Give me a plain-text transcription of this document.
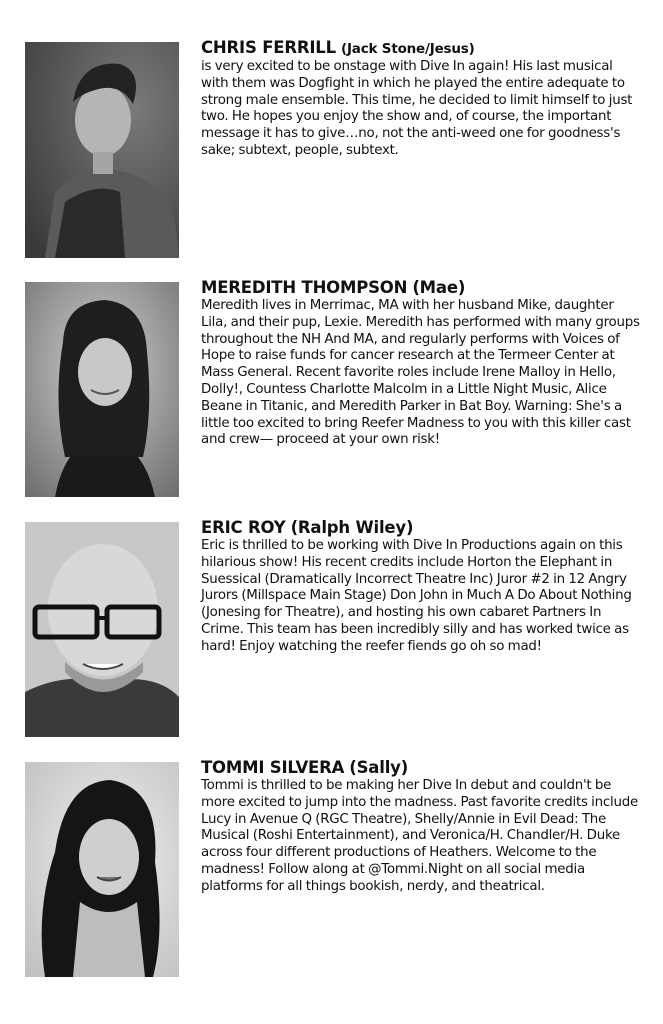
CHRIS FERRILL (Jack Stone/Jesus)

is very excited to be onstage with Dive In again! His last musical with them was Dogfight in which he played the entire adequate to strong male ensemble. This time, he decided to limit himself to just two. He hopes you enjoy the show and, of course, the important message it has to give…no, not the anti-weed one for goodness's sake; subtext, people, subtext.

MEREDITH THOMPSON (Mae)

Meredith lives in Merrimac, MA with her husband Mike, daughter Lila, and their pup, Lexie. Meredith has performed with many groups throughout the NH And MA, and regularly performs with Voices of Hope to raise funds for cancer research at the Termeer Center at Mass General. Recent favorite roles include Irene Malloy in Hello, Dolly!, Countess Charlotte Malcolm in a Little Night Music, Alice Beane in Titanic, and Meredith Parker in Bat Boy. Warning: She's a little too excited to bring Reefer Madness to you with this killer cast and crew— proceed at your own risk!

ERIC ROY (Ralph Wiley)

Eric is thrilled to be working with Dive In Productions again on this hilarious show! His recent credits include Horton the Elephant in Suessical (Dramatically Incorrect Theatre Inc) Juror #2 in 12 Angry Jurors (Millspace Main Stage) Don John in Much A Do About Nothing (Jonesing for Theatre), and hosting his own cabaret Partners In Crime. This team has been incredibly silly and has worked twice as hard! Enjoy watching the reefer fiends go oh so mad!

TOMMI SILVERA (Sally)

Tommi is thrilled to be making her Dive In debut and couldn't be more excited to jump into the madness. Past favorite credits include Lucy in Avenue Q (RGC Theatre), Shelly/Annie in Evil Dead: The Musical (Roshi Entertainment), and Veronica/H. Chandler/H. Duke across four different productions of Heathers. Welcome to the madness! Follow along at @Tommi.Night on all social media platforms for all things bookish, nerdy, and theatrical.
